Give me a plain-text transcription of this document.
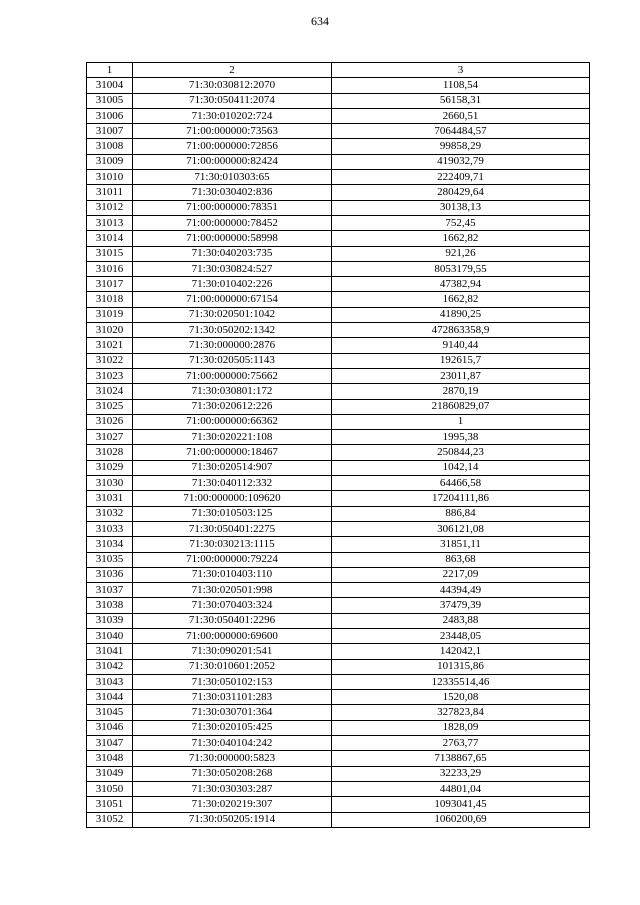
634
1	2	3
31004	71:30:030812:2070	1108,54
31005	71:30:050411:2074	56158,31
31006	71:30:010202:724	2660,51
31007	71:00:000000:73563	7064484,57
31008	71:00:000000:72856	99858,29
31009	71:00:000000:82424	419032,79
31010	71:30:010303:65	222409,71
31011	71:30:030402:836	280429,64
31012	71:00:000000:78351	30138,13
31013	71:00:000000:78452	752,45
31014	71:00:000000:58998	1662,82
31015	71:30:040203:735	921,26
31016	71:30:030824:527	8053179,55
31017	71:30:010402:226	47382,94
31018	71:00:000000:67154	1662,82
31019	71:30:020501:1042	41890,25
31020	71:30:050202:1342	472863358,9
31021	71:30:000000:2876	9140,44
31022	71:30:020505:1143	192615,7
31023	71:00:000000:75662	23011,87
31024	71:30:030801:172	2870,19
31025	71:30:020612:226	21860829,07
31026	71:00:000000:66362	1
31027	71:30:020221:108	1995,38
31028	71:00:000000:18467	250844,23
31029	71:30:020514:907	1042,14
31030	71:30:040112:332	64466,58
31031	71:00:000000:109620	17204111,86
31032	71:30:010503:125	886,84
31033	71:30:050401:2275	306121,08
31034	71:30:030213:1115	31851,11
31035	71:00:000000:79224	863,68
31036	71:30:010403:110	2217,09
31037	71:30:020501:998	44394,49
31038	71:30:070403:324	37479,39
31039	71:30:050401:2296	2483,88
31040	71:00:000000:69600	23448,05
31041	71:30:090201:541	142042,1
31042	71:30:010601:2052	101315,86
31043	71:30:050102:153	12335514,46
31044	71:30:031101:283	1520,08
31045	71:30:030701:364	327823,84
31046	71:30:020105:425	1828,09
31047	71:30:040104:242	2763,77
31048	71:30:000000:5823	7138867,65
31049	71:30:050208:268	32233,29
31050	71:30:030303:287	44801,04
31051	71:30:020219:307	1093041,45
31052	71:30:050205:1914	1060200,69
